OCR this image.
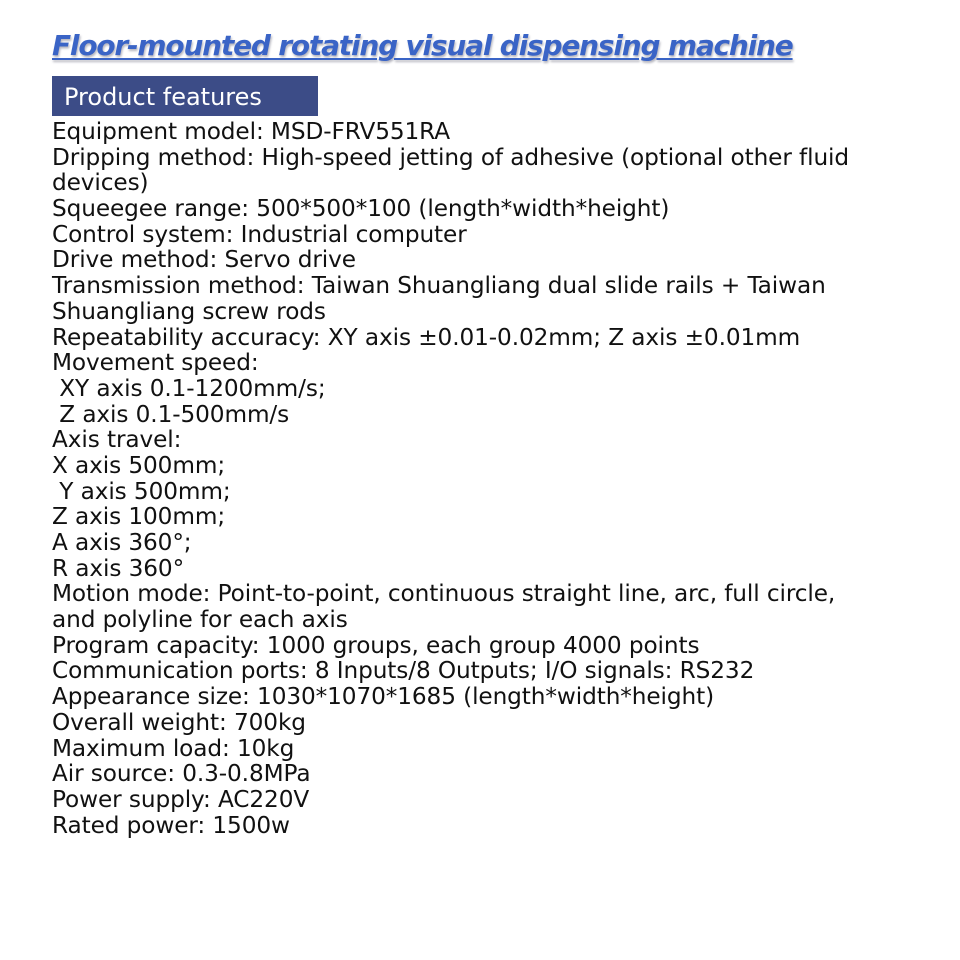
Floor-mounted rotating visual dispensing machine
Product features
Equipment model: MSD-FRV551RA
Dripping method: High-speed jetting of adhesive (optional other fluid
devices)
Squeegee range: 500*500*100 (length*width*height)
Control system: Industrial computer
Drive method: Servo drive
Transmission method: Taiwan Shuangliang dual slide rails + Taiwan
Shuangliang screw rods
Repeatability accuracy: XY axis ±0.01-0.02mm; Z axis ±0.01mm
Movement speed:
XY axis 0.1-1200mm/s;
Z axis 0.1-500mm/s
Axis travel:
X axis 500mm;
Y axis 500mm;
Z axis 100mm;
A axis 360°;
R axis 360°
Motion mode: Point-to-point, continuous straight line, arc, full circle,
and polyline for each axis
Program capacity: 1000 groups, each group 4000 points
Communication ports: 8 Inputs/8 Outputs; I/O signals: RS232
Appearance size: 1030*1070*1685 (length*width*height)
Overall weight: 700kg
Maximum load: 10kg
Air source: 0.3-0.8MPa
Power supply: AC220V
Rated power: 1500w
